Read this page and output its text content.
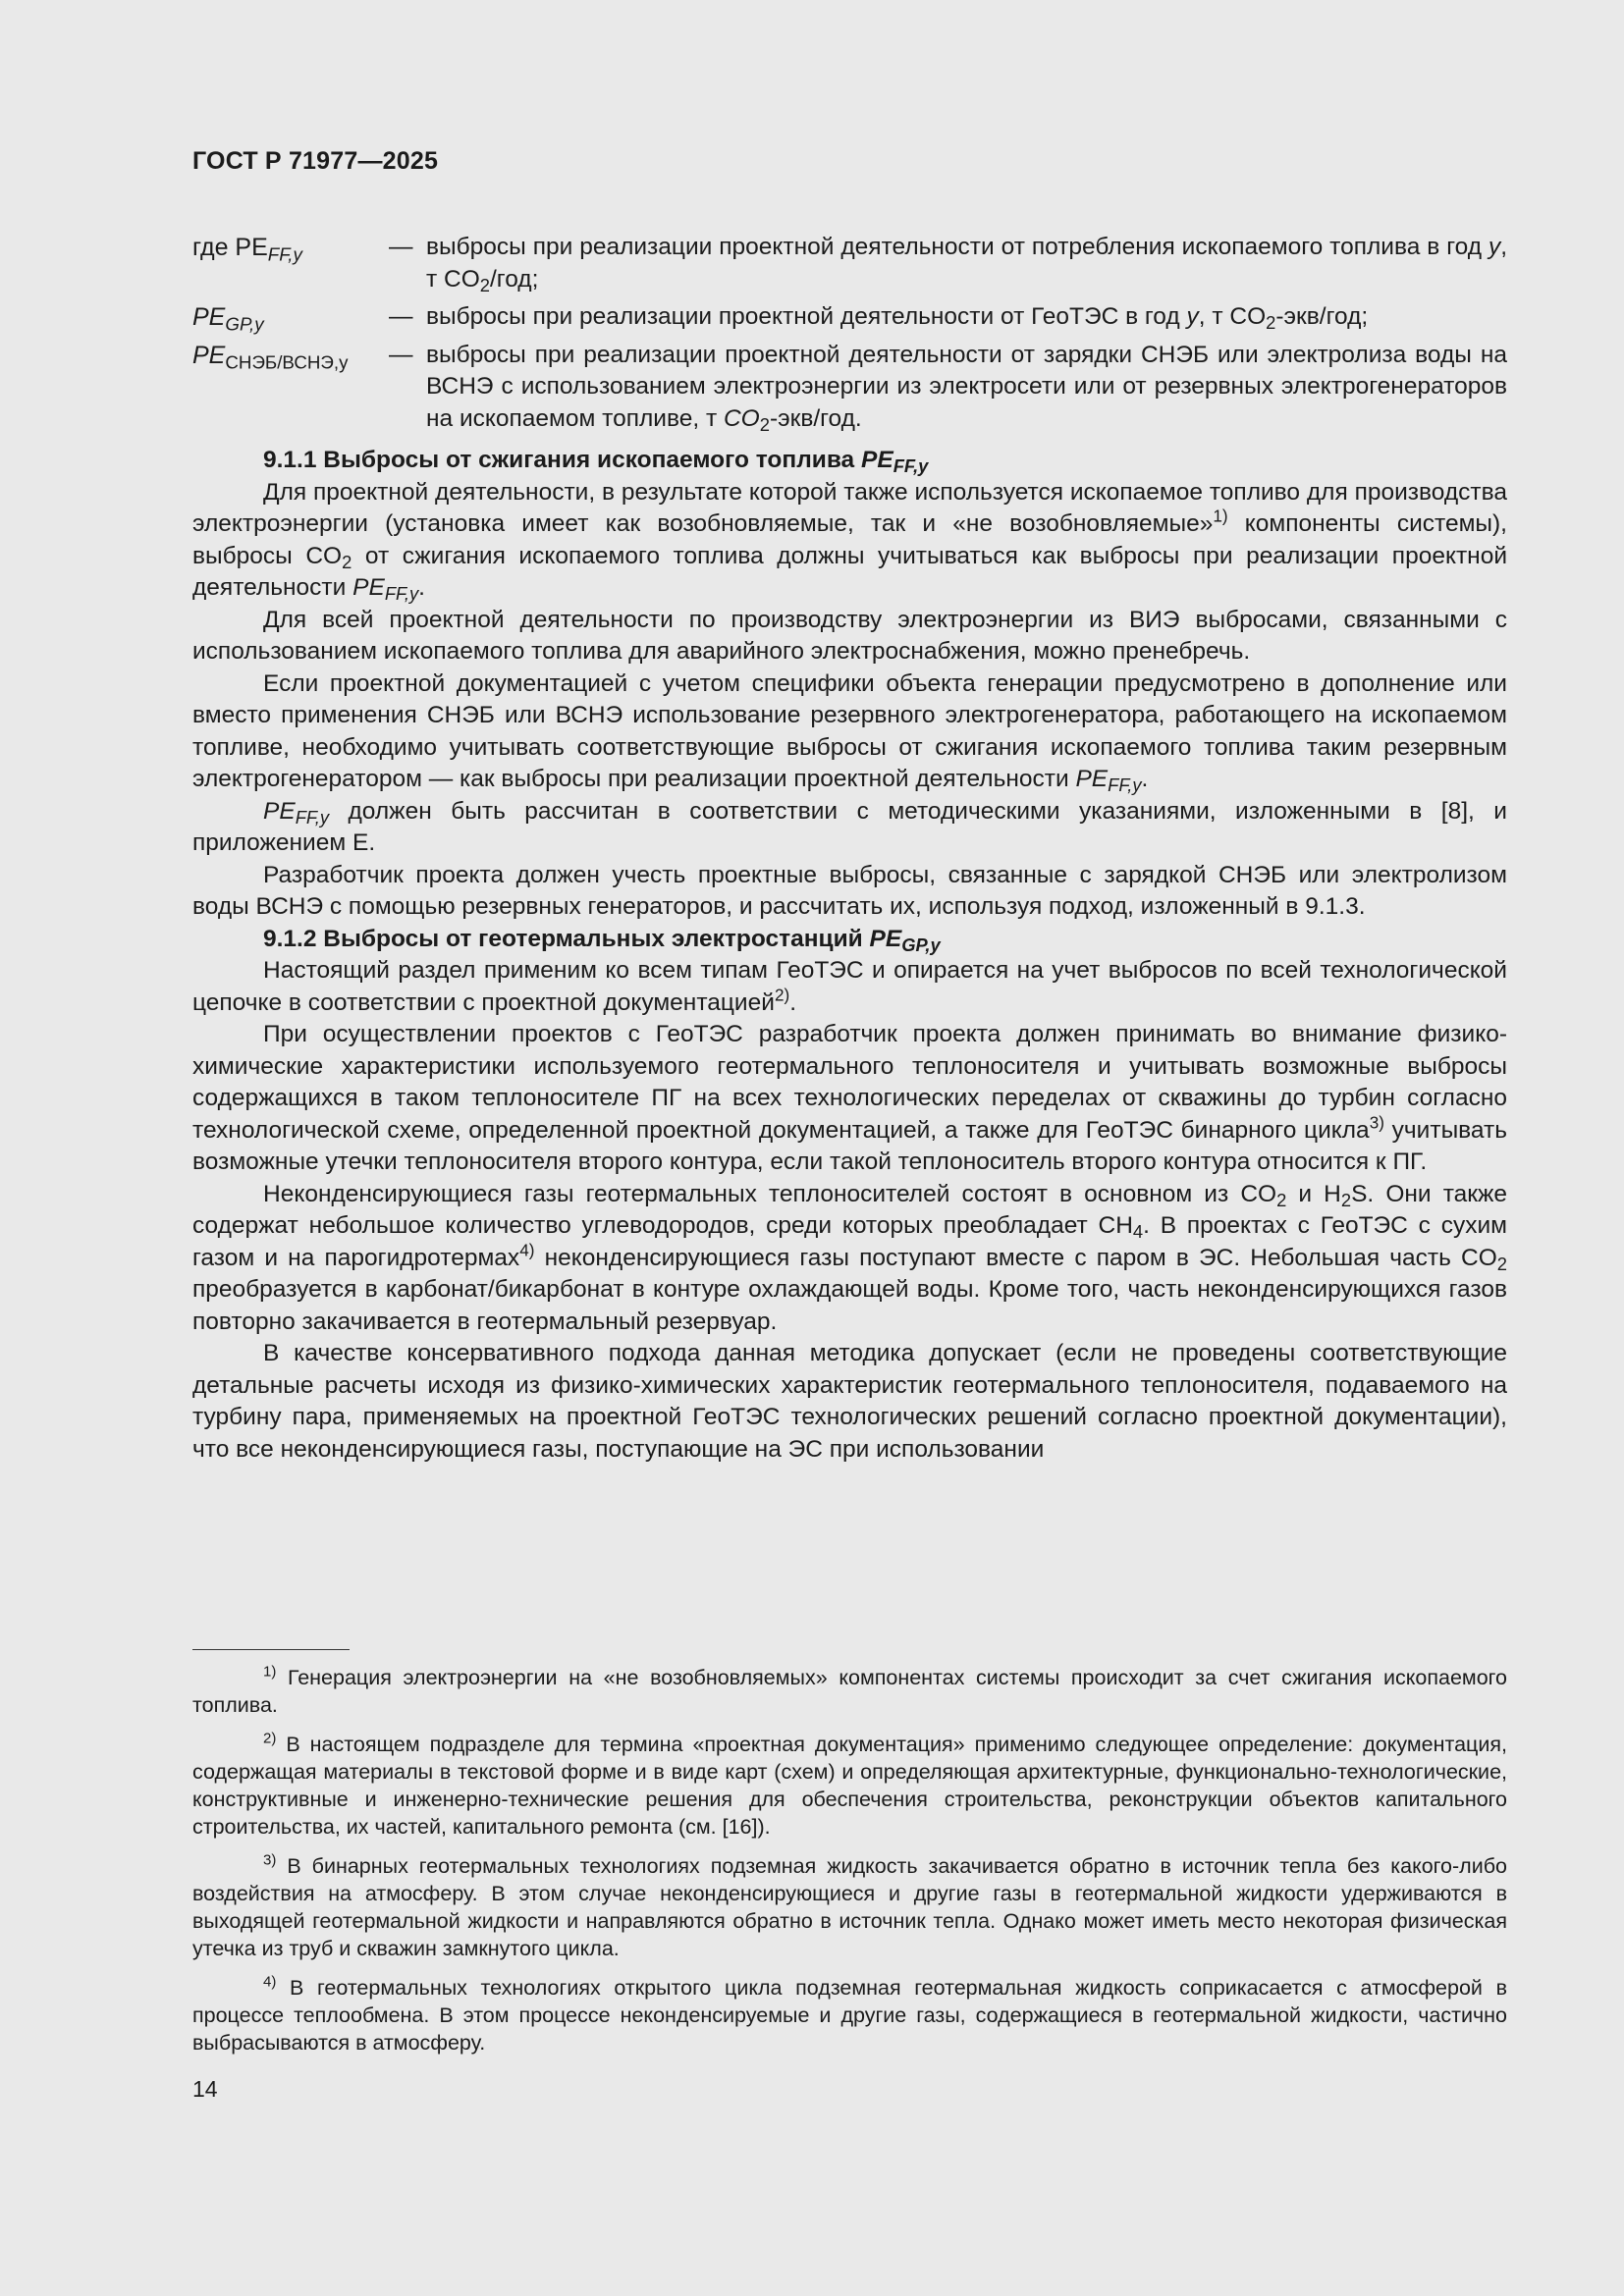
ГОСТ Р 71977—2025
где $PE_{FF,y}$	—	выбросы при реализации проектной деятельности от потребления ископаемого топлива в год y, т $CO_2$/год;
$PE_{GP,y}$	—	выбросы при реализации проектной деятельности от ГеоТЭС в год y, т $CO_2-экв$/год;
$PE_{СНЭБ/ВСНЭ,y}$	—	выбросы при реализации проектной деятельности от зарядки СНЭБ или электролиза воды на ВСНЭ с использованием электроэнергии из электросети или от резервных электрогенераторов на ископаемом топливе, т $CO_2-экв$/год.

9.1.1 Выбросы от сжигания ископаемого топлива $PE_{FF,y}$

Для проектной деятельности, в результате которой также используется ископаемое топливо для производства электроэнергии (установка имеет как возобновляемые, так и «не возобновляемые»$^{1)}$ компоненты системы), выбросы $CO_2$ от сжигания ископаемого топлива должны учитываться как выбросы при реализации проектной деятельности $PE_{FF,y}$.

Для всей проектной деятельности по производству электроэнергии из ВИЭ выбросами, связанными с использованием ископаемого топлива для аварийного электроснабжения, можно пренебречь.

Если проектной документацией с учетом специфики объекта генерации предусмотрено в дополнение или вместо применения СНЭБ или ВСНЭ использование резервного электрогенератора, работающего на ископаемом топливе, необходимо учитывать соответствующие выбросы от сжигания ископаемого топлива таким резервным электрогенератором — как выбросы при реализации проектной деятельности $PE_{FF,y}$.

$PE_{FF,y}$ должен быть рассчитан в соответствии с методическими указаниями, изложенными в [8], и приложением Е.

Разработчик проекта должен учесть проектные выбросы, связанные с зарядкой СНЭБ или электролизом воды ВСНЭ с помощью резервных генераторов, и рассчитать их, используя подход, изложенный в 9.1.3.

9.1.2 Выбросы от геотермальных электростанций $PE_{GP,y}$

Настоящий раздел применим ко всем типам ГеоТЭС и опирается на учет выбросов по всей технологической цепочке в соответствии с проектной документацией$^{2)}$.

При осуществлении проектов с ГеоТЭС разработчик проекта должен принимать во внимание физико-химические характеристики используемого геотермального теплоносителя и учитывать возможные выбросы содержащихся в таком теплоносителе ПГ на всех технологических переделах от скважины до турбин согласно технологической схеме, определенной проектной документацией, а также для ГеоТЭС бинарного цикла$^{3)}$ учитывать возможные утечки теплоносителя второго контура, если такой теплоноситель второго контура относится к ПГ.

Неконденсирующиеся газы геотермальных теплоносителей состоят в основном из $CO_2$ и $H_2S$. Они также содержат небольшое количество углеводородов, среди которых преобладает $CH_4$. В проектах с ГеоТЭС с сухим газом и на парогидротермах$^{4)}$ неконденсирующиеся газы поступают вместе с паром в ЭС. Небольшая часть $CO_2$ преобразуется в карбонат/бикарбонат в контуре охлаждающей воды. Кроме того, часть неконденсирующихся газов повторно закачивается в геотермальный резервуар.

В качестве консервативного подхода данная методика допускает (если не проведены соответствующие детальные расчеты исходя из физико-химических характеристик геотермального теплоносителя, подаваемого на турбину пара, применяемых на проектной ГеоТЭС технологических решений согласно проектной документации), что все неконденсирующиеся газы, поступающие на ЭС при использовании

$^{1)}$ Генерация электроэнергии на «не возобновляемых» компонентах системы происходит за счет сжигания ископаемого топлива.

$^{2)}$ В настоящем подразделе для термина «проектная документация» применимо следующее определение: документация, содержащая материалы в текстовой форме и в виде карт (схем) и определяющая архитектурные, функционально-технологические, конструктивные и инженерно-технические решения для обеспечения строительства, реконструкции объектов капитального строительства, их частей, капитального ремонта (см. [16]).

$^{3)}$ В бинарных геотермальных технологиях подземная жидкость закачивается обратно в источник тепла без какого-либо воздействия на атмосферу. В этом случае неконденсирующиеся и другие газы в геотермальной жидкости удерживаются в выходящей геотермальной жидкости и направляются обратно в источник тепла. Однако может иметь место некоторая физическая утечка из труб и скважин замкнутого цикла.

$^{4)}$ В геотермальных технологиях открытого цикла подземная геотермальная жидкость соприкасается с атмосферой в процессе теплообмена. В этом процессе неконденсируемые и другие газы, содержащиеся в геотермальной жидкости, частично выбрасываются в атмосферу.

14
